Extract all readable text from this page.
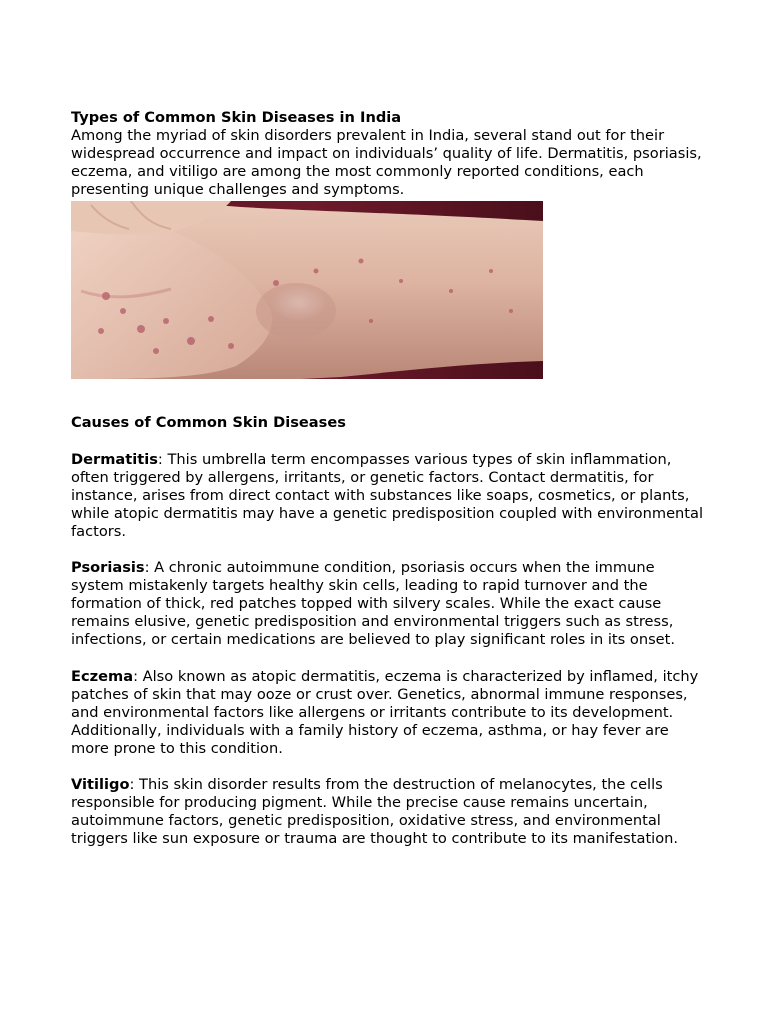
Types of Common Skin Diseases in India

Among the myriad of skin disorders prevalent in India, several stand out for their widespread occurrence and impact on individuals’ quality of life. Dermatitis, psoriasis, eczema, and vitiligo are among the most commonly reported conditions, each presenting unique challenges and symptoms.

Causes of Common Skin Diseases

Dermatitis: This umbrella term encompasses various types of skin inflammation, often triggered by allergens, irritants, or genetic factors. Contact dermatitis, for instance, arises from direct contact with substances like soaps, cosmetics, or plants, while atopic dermatitis may have a genetic predisposition coupled with environmental factors.

Psoriasis: A chronic autoimmune condition, psoriasis occurs when the immune system mistakenly targets healthy skin cells, leading to rapid turnover and the formation of thick, red patches topped with silvery scales. While the exact cause remains elusive, genetic predisposition and environmental triggers such as stress, infections, or certain medications are believed to play significant roles in its onset.

Eczema: Also known as atopic dermatitis, eczema is characterized by inflamed, itchy patches of skin that may ooze or crust over. Genetics, abnormal immune responses, and environmental factors like allergens or irritants contribute to its development. Additionally, individuals with a family history of eczema, asthma, or hay fever are more prone to this condition.

Vitiligo: This skin disorder results from the destruction of melanocytes, the cells responsible for producing pigment. While the precise cause remains uncertain, autoimmune factors, genetic predisposition, oxidative stress, and environmental triggers like sun exposure or trauma are thought to contribute to its manifestation.
